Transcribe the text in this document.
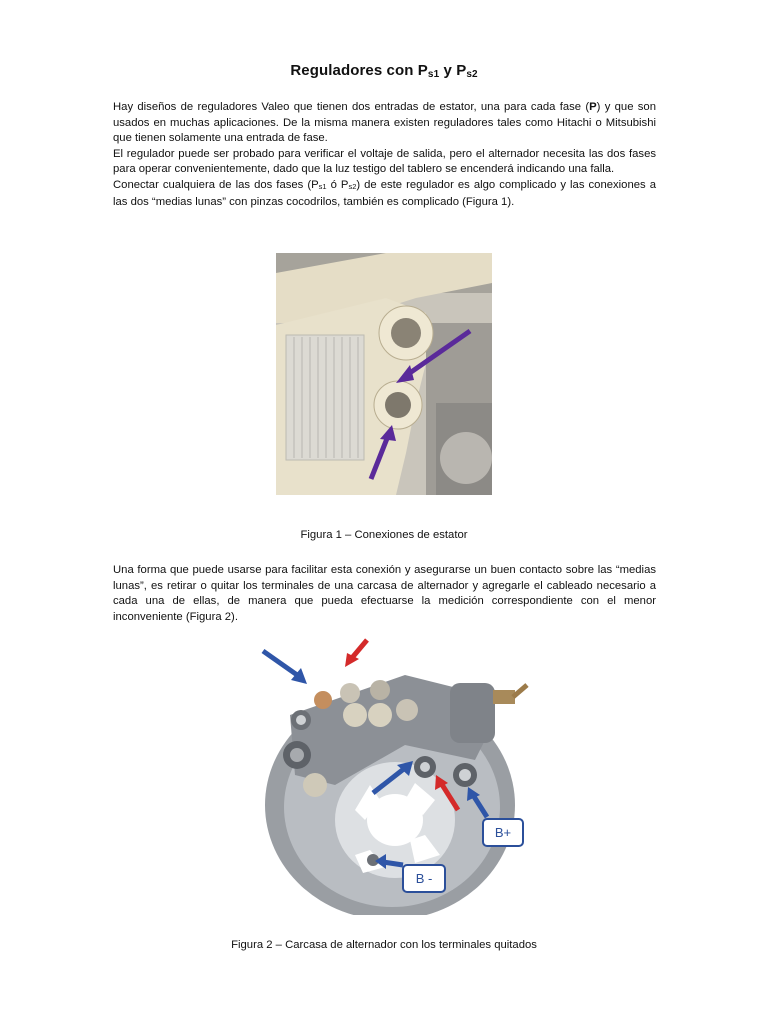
Reguladores con $P_{s1}$ y $P_{s2}$

Hay diseños de reguladores Valeo que tienen dos entradas de estator, una para cada fase (P) y que son usados en muchas aplicaciones. De la misma manera existen reguladores tales como Hitachi o Mitsubishi que tienen solamente una entrada de fase.

El regulador puede ser probado para verificar el voltaje de salida, pero el alternador necesita las dos fases para operar convenientemente, dado que la luz testigo del tablero se encenderá indicando una falla.

Conectar cualquiera de las dos fases ($P_{s1}$ ó $P_{s2}$) de este regulador es algo complicado y las conexiones a las dos “medias lunas” con pinzas cocodrilos, también es complicado (Figura 1).

Figura 1 – Conexiones de estator

Una forma que puede usarse para facilitar esta conexión y asegurarse un buen contacto sobre las “medias lunas”, es retirar o quitar los terminales de una carcasa de alternador y agregarle el cableado necesario a cada una de ellas, de manera que pueda efectuarse la medición correspondiente con el menor inconveniente (Figura 2).

B+
B -
Figura 2 – Carcasa de alternador con los terminales quitados
